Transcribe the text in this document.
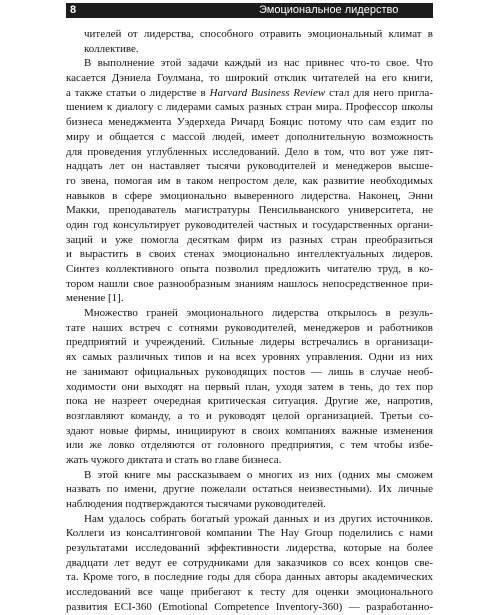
8	Эмоциональное лидерство
чителей от лидерства, способного отравить эмоциональный климат в
коллективе.
В выполнение этой задачи каждый из нас привнес что-то свое. Что
касается Дэниела Гоулмана, то широкий отклик читателей на его книги,
а также статьи о лидерстве в Harvard Business Review стал для него пригла-
шением к диалогу с лидерами самых разных стран мира. Профессор школы
бизнеса менеджмента Уэдерхеда Ричард Бояцис потому что сам ездит по
миру и общается с массой людей, имеет дополнительную возможность
для проведения углубленных исследований. Дело в том, что вот уже пят-
надцать лет он наставляет тысячи руководителей и менеджеров высше-
го звена, помогая им в таком непростом деле, как развитие необходимых
навыков в сфере эмоционально выверенного лидерства. Наконец, Энни
Макки, преподаватель магистратуры Пенсильванского университета, не
один год консультирует руководителей частных и государственных органи-
заций и уже помогла десяткам фирм из разных стран преобразиться
и вырастить в своих стенах эмоционально интеллектуальных лидеров.
Синтез коллективного опыта позволил предложить читателю труд, в ко-
тором нашли свое разнообразным знаниям нашлось непосредственное при-
менение [1].
Множество граней эмоционального лидерства открылось в резуль-
тате наших встреч с сотнями руководителей, менеджеров и работников
предприятий и учреждений. Сильные лидеры встречались в организаци-
ях самых различных типов и на всех уровнях управления. Одни из них
не занимают официальных руководящих постов — лишь в случае необ-
ходимости они выходят на первый план, уходя затем в тень, до тех пор
пока не назреет очередная критическая ситуация. Другие же, напротив,
возглавляют команду, а то и руководят целой организацией. Третьи со-
здают новые фирмы, инициируют в своих компаниях важные изменения
или же ловко отделяются от головного предприятия, с тем чтобы избе-
жать чужого диктата и стать во главе бизнеса.
В этой книге мы рассказываем о многих из них (одних мы сможем
назвать по имени, другие пожелали остаться неизвестными). Их личные
наблюдения подтверждаются тысячами руководителей.
Нам удалось собрать богатый урожай данных и из других источников.
Коллеги из консалтинговой компании The Hay Group поделились с нами
результатами исследований эффективности лидерства, которые на более
двадцати лет ведут ее сотрудниками для заказчиков со всех концов све-
та. Кроме того, в последние годы для сбора данных авторы академических
исследований все чаще прибегают к тесту для оценки эмоционального
развития ECI-360 (Emotional Competence Inventory-360) — разработанно-
